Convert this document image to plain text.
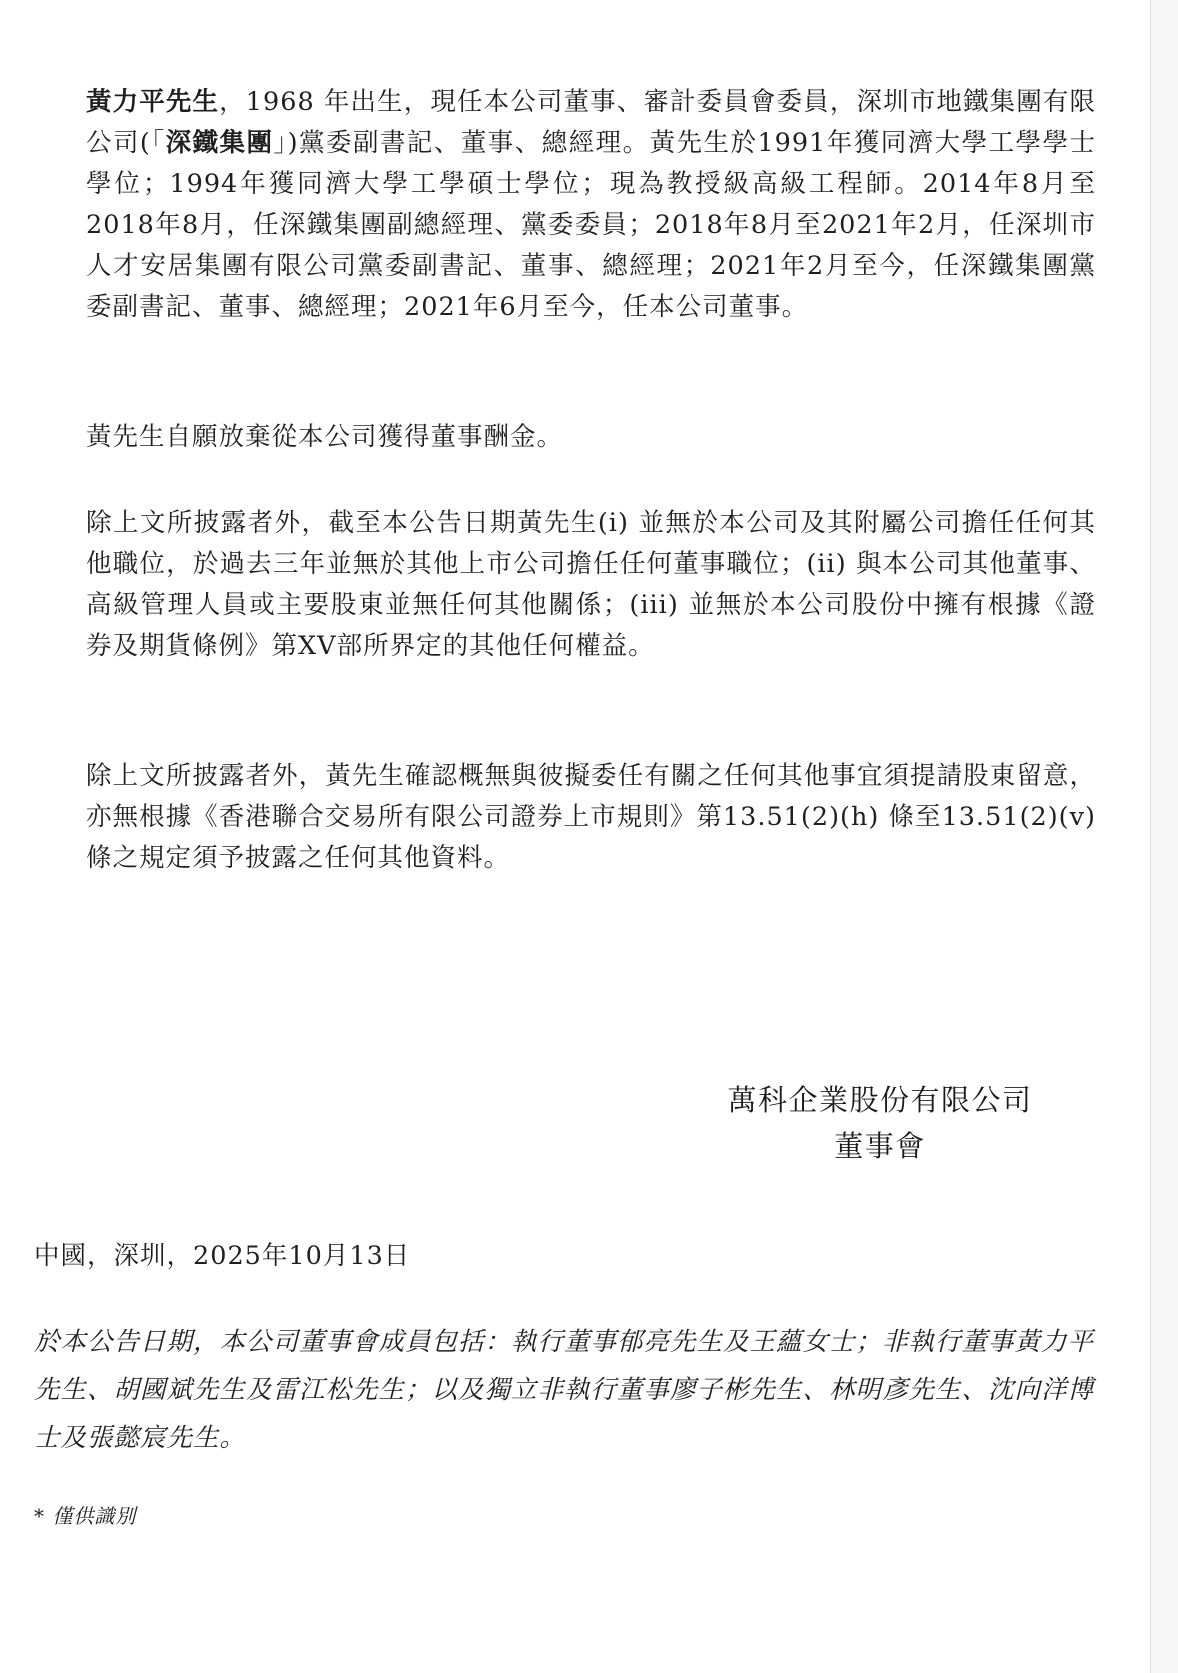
黃力平先生，1968 年出生，現任本公司董事、審計委員會委員，深圳市地鐵集團有限公司(「深鐵集團」)黨委副書記、董事、總經理。黃先生於1991年獲同濟大學工學學士學位；1994年獲同濟大學工學碩士學位；現為教授級高級工程師。2014年8月至2018年8月，任深鐵集團副總經理、黨委委員；2018年8月至2021年2月，任深圳市人才安居集團有限公司黨委副書記、董事、總經理；2021年2月至今，任深鐵集團黨委副書記、董事、總經理；2021年6月至今，任本公司董事。

黃先生自願放棄從本公司獲得董事酬金。

除上文所披露者外，截至本公告日期黃先生(i) 並無於本公司及其附屬公司擔任任何其他職位，於過去三年並無於其他上市公司擔任任何董事職位；(ii) 與本公司其他董事、高級管理人員或主要股東並無任何其他關係；(iii) 並無於本公司股份中擁有根據《證券及期貨條例》第XV部所界定的其他任何權益。

除上文所披露者外，黃先生確認概無與彼擬委任有關之任何其他事宜須提請股東留意，亦無根據《香港聯合交易所有限公司證券上市規則》第13.51(2)(h) 條至13.51(2)(v) 條之規定須予披露之任何其他資料。

萬科企業股份有限公司
董事會
中國，深圳，2025年10月13日

於本公告日期，本公司董事會成員包括：執行董事郁亮先生及王蘊女士；非執行董事黃力平先生、胡國斌先生及雷江松先生；以及獨立非執行董事廖子彬先生、林明彥先生、沈向洋博士及張懿宸先生。

* 僅供識別
